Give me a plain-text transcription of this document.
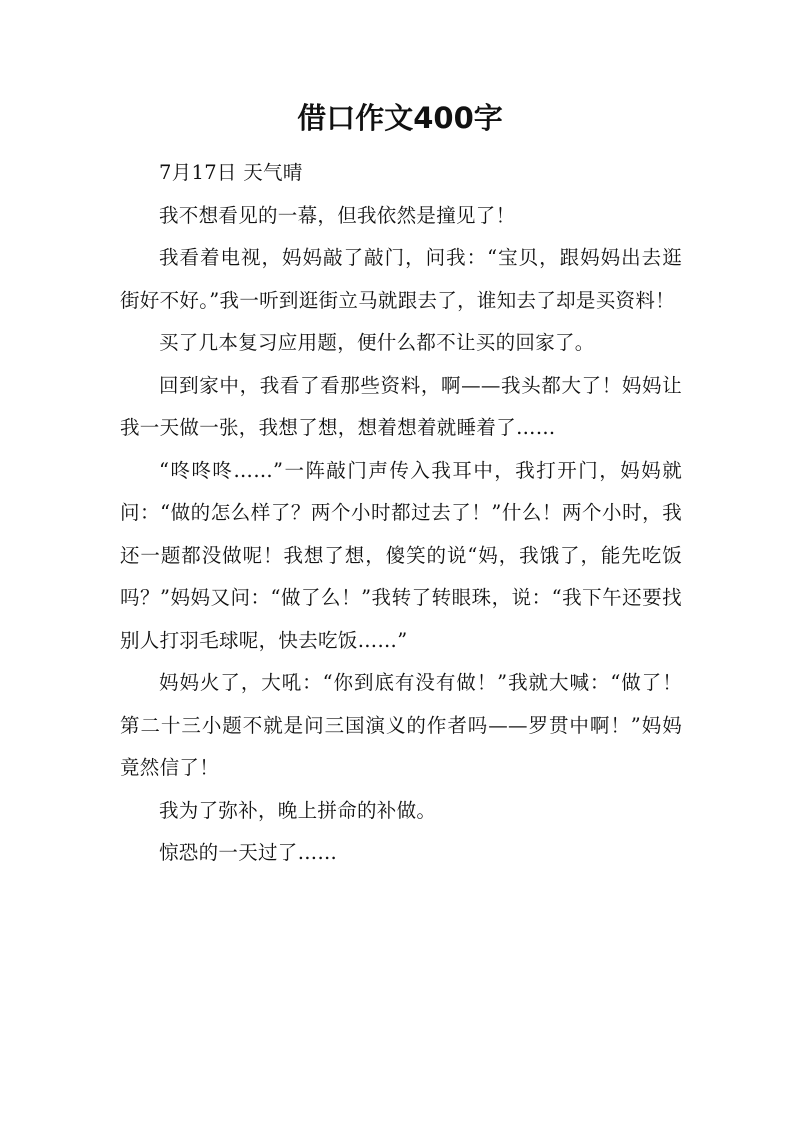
借口作文400字

7月17日 天气晴

我不想看见的一幕，但我依然是撞见了！

我看着电视，妈妈敲了敲门，问我：“宝贝，跟妈妈出去逛街好不好。”我一听到逛街立马就跟去了，谁知去了却是买资料！

买了几本复习应用题，便什么都不让买的回家了。

回到家中，我看了看那些资料，啊——我头都大了！妈妈让我一天做一张，我想了想，想着想着就睡着了……

“咚咚咚……”一阵敲门声传入我耳中，我打开门，妈妈就问：“做的怎么样了？两个小时都过去了！”什么！两个小时，我还一题都没做呢！我想了想，傻笑的说“妈，我饿了，能先吃饭吗？”妈妈又问：“做了么！”我转了转眼珠，说：“我下午还要找别人打羽毛球呢，快去吃饭……”

妈妈火了，大吼：“你到底有没有做！”我就大喊：“做了！第二十三小题不就是问三国演义的作者吗——罗贯中啊！”妈妈竟然信了！

我为了弥补，晚上拼命的补做。

惊恐的一天过了……
